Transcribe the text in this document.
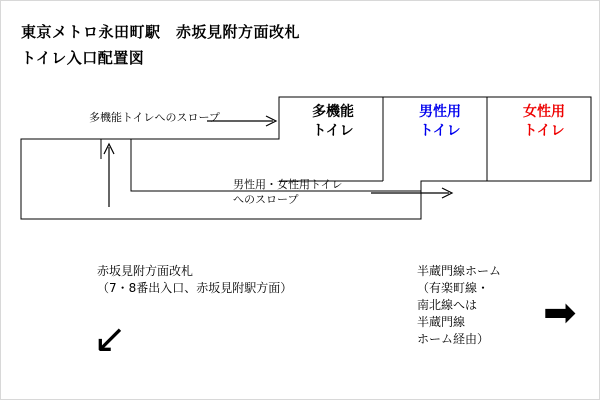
東京メトロ永田町駅　赤坂見附方面改札
トイレ入口配置図
多機能
トイレ
男性用
トイレ
女性用
トイレ
多機能トイレへのスロープ
男性用・女性用トイレ
へのスロープ
赤坂見附方面改札
（7・8番出入口、赤坂見附駅方面）
↙
半蔵門線ホーム
（有楽町線・
南北線へは
半蔵門線
ホーム経由）
➡
